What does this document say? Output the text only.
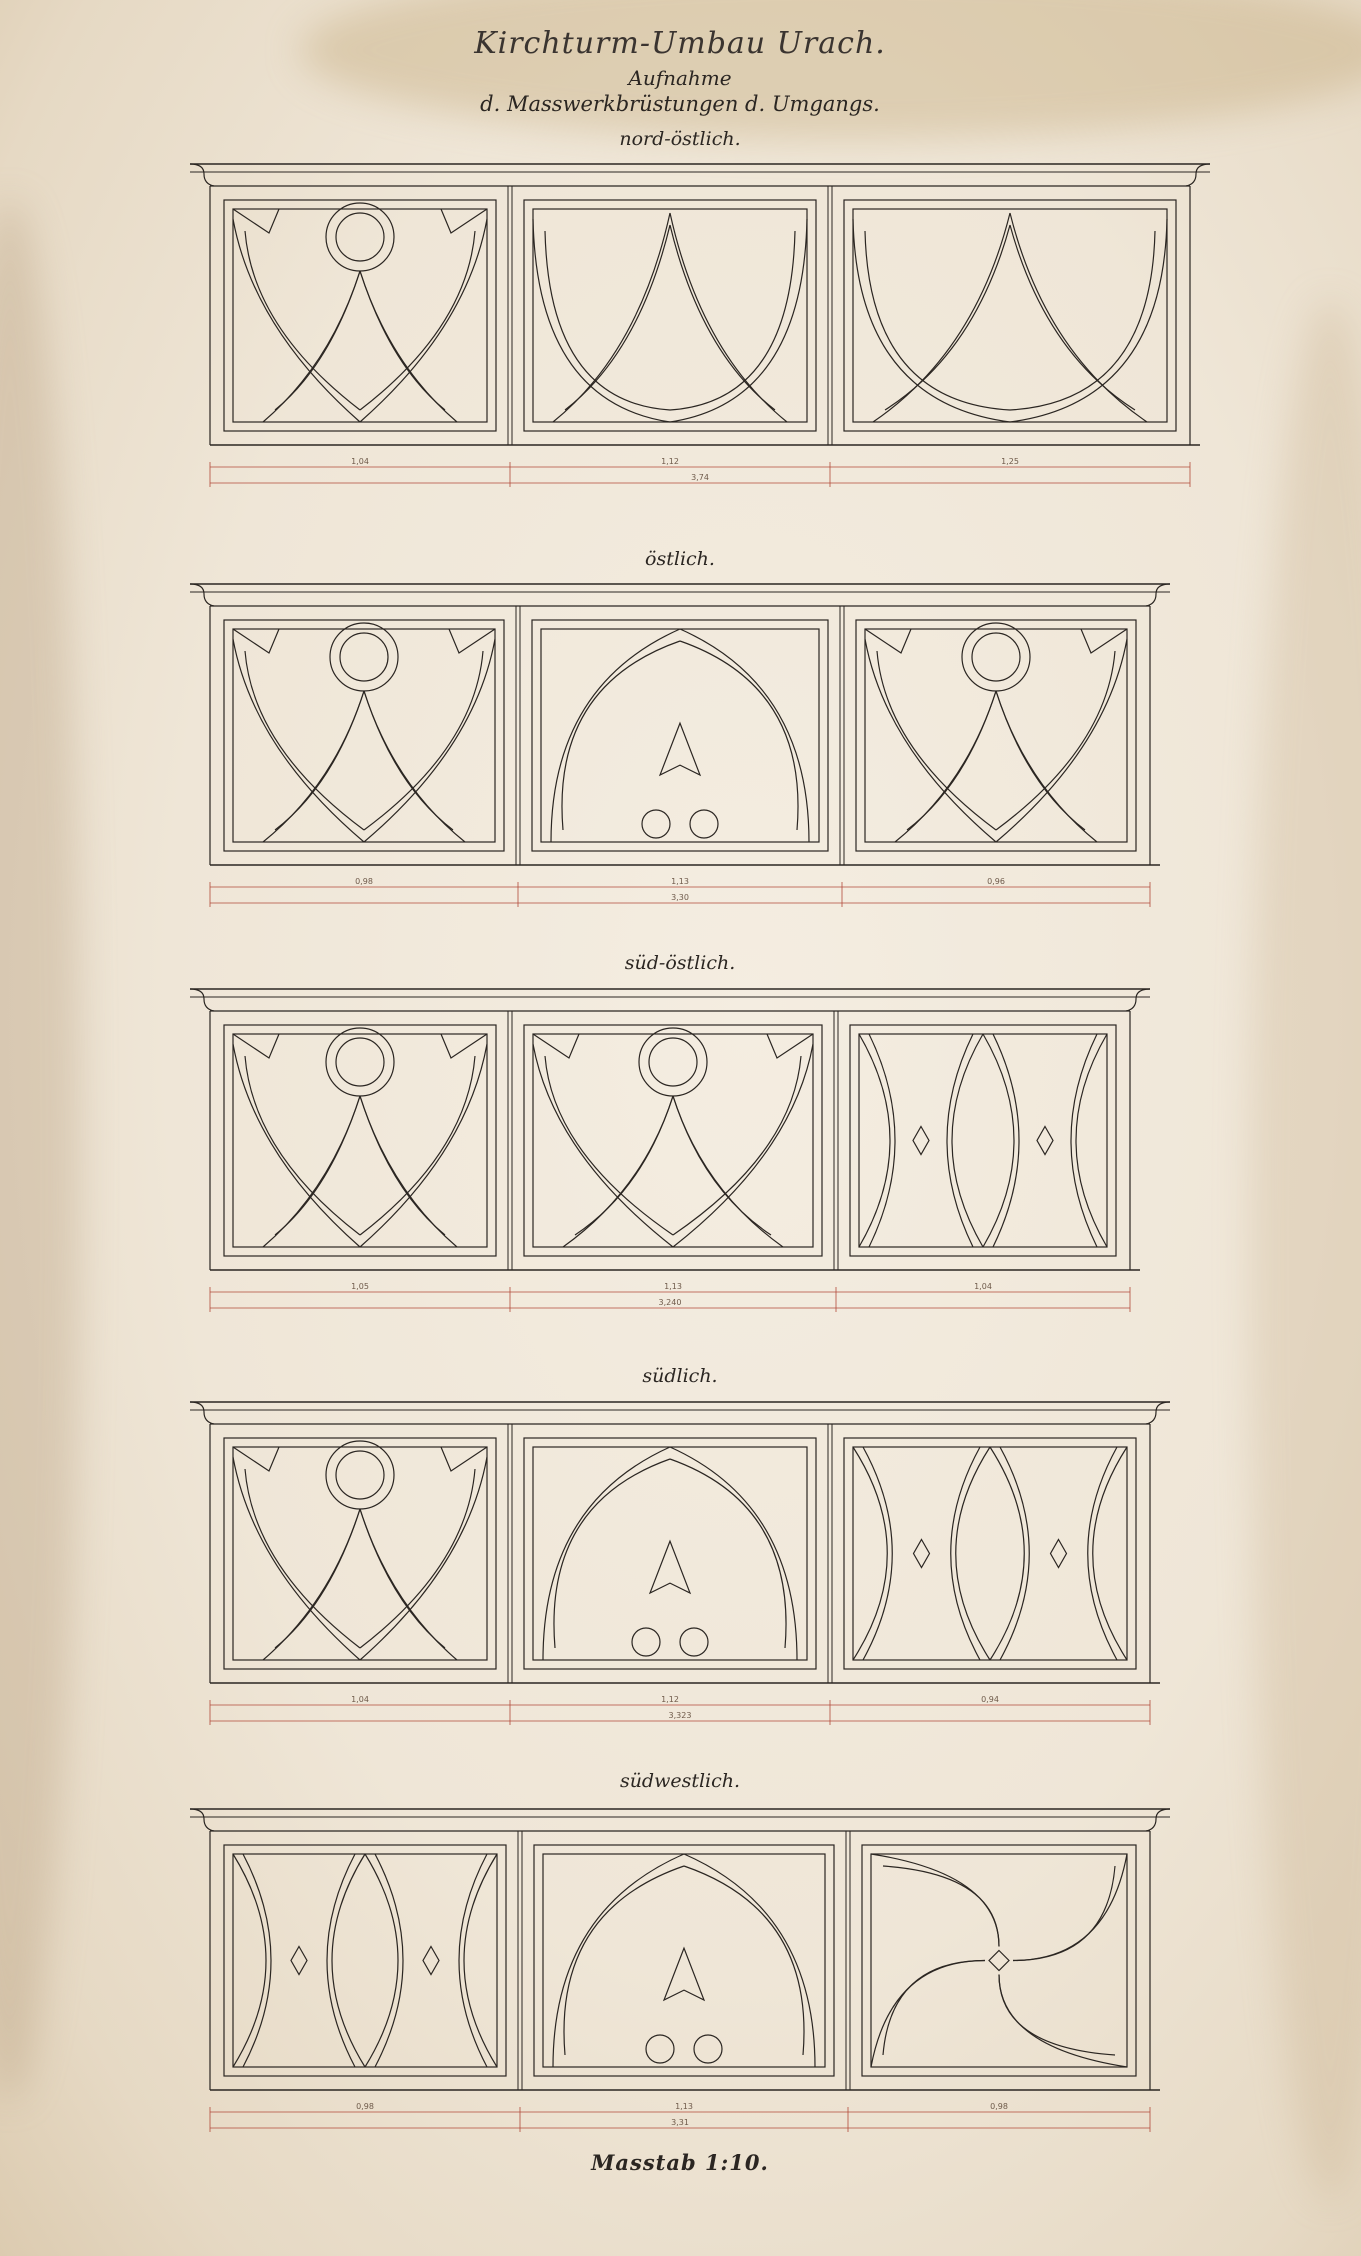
Kirchturm-Umbau Urach.
Aufnahme
d. Masswerkbrüstungen d. Umgangs.
nord-östlich.
1,04	1,12	1,25
3,74
östlich.
0,98	1,13	0,96
3,30
süd-östlich.
1,05	1,13	1,04
3,240
südlich.
1,04	1,12	0,94
3,323
südwestlich.
0,98	1,13	0,98
3,31
Masstab 1:10.
